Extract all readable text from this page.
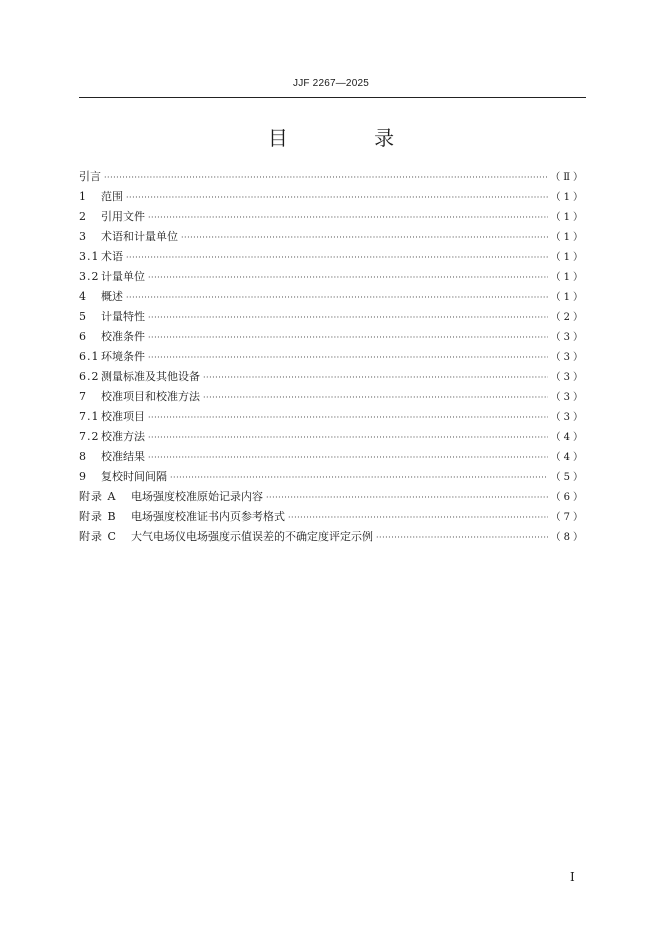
JJF 2267—2025
目 录
引言 ·····	（Ⅱ）
1 范围 ·····	（1）
2 引用文件 ·····	（1）
3 术语和计量单位 ·····	（1）
3.1 术语 ·····	（1）
3.2 计量单位 ·····	（1）
4 概述 ·····	（1）
5 计量特性 ·····	（2）
6 校准条件 ·····	（3）
6.1 环境条件 ·····	（3）
6.2 测量标准及其他设备 ·····	（3）
7 校准项目和校准方法 ·····	（3）
7.1 校准项目 ·····	（3）
7.2 校准方法 ·····	（4）
8 校准结果 ·····	（4）
9 复校时间间隔 ·····	（5）
附录 A 电场强度校准原始记录内容 ·····	（6）
附录 B 电场强度校准证书内页参考格式 ·····	（7）
附录 C 大气电场仪电场强度示值误差的不确定度评定示例 ·····	（8）
I
